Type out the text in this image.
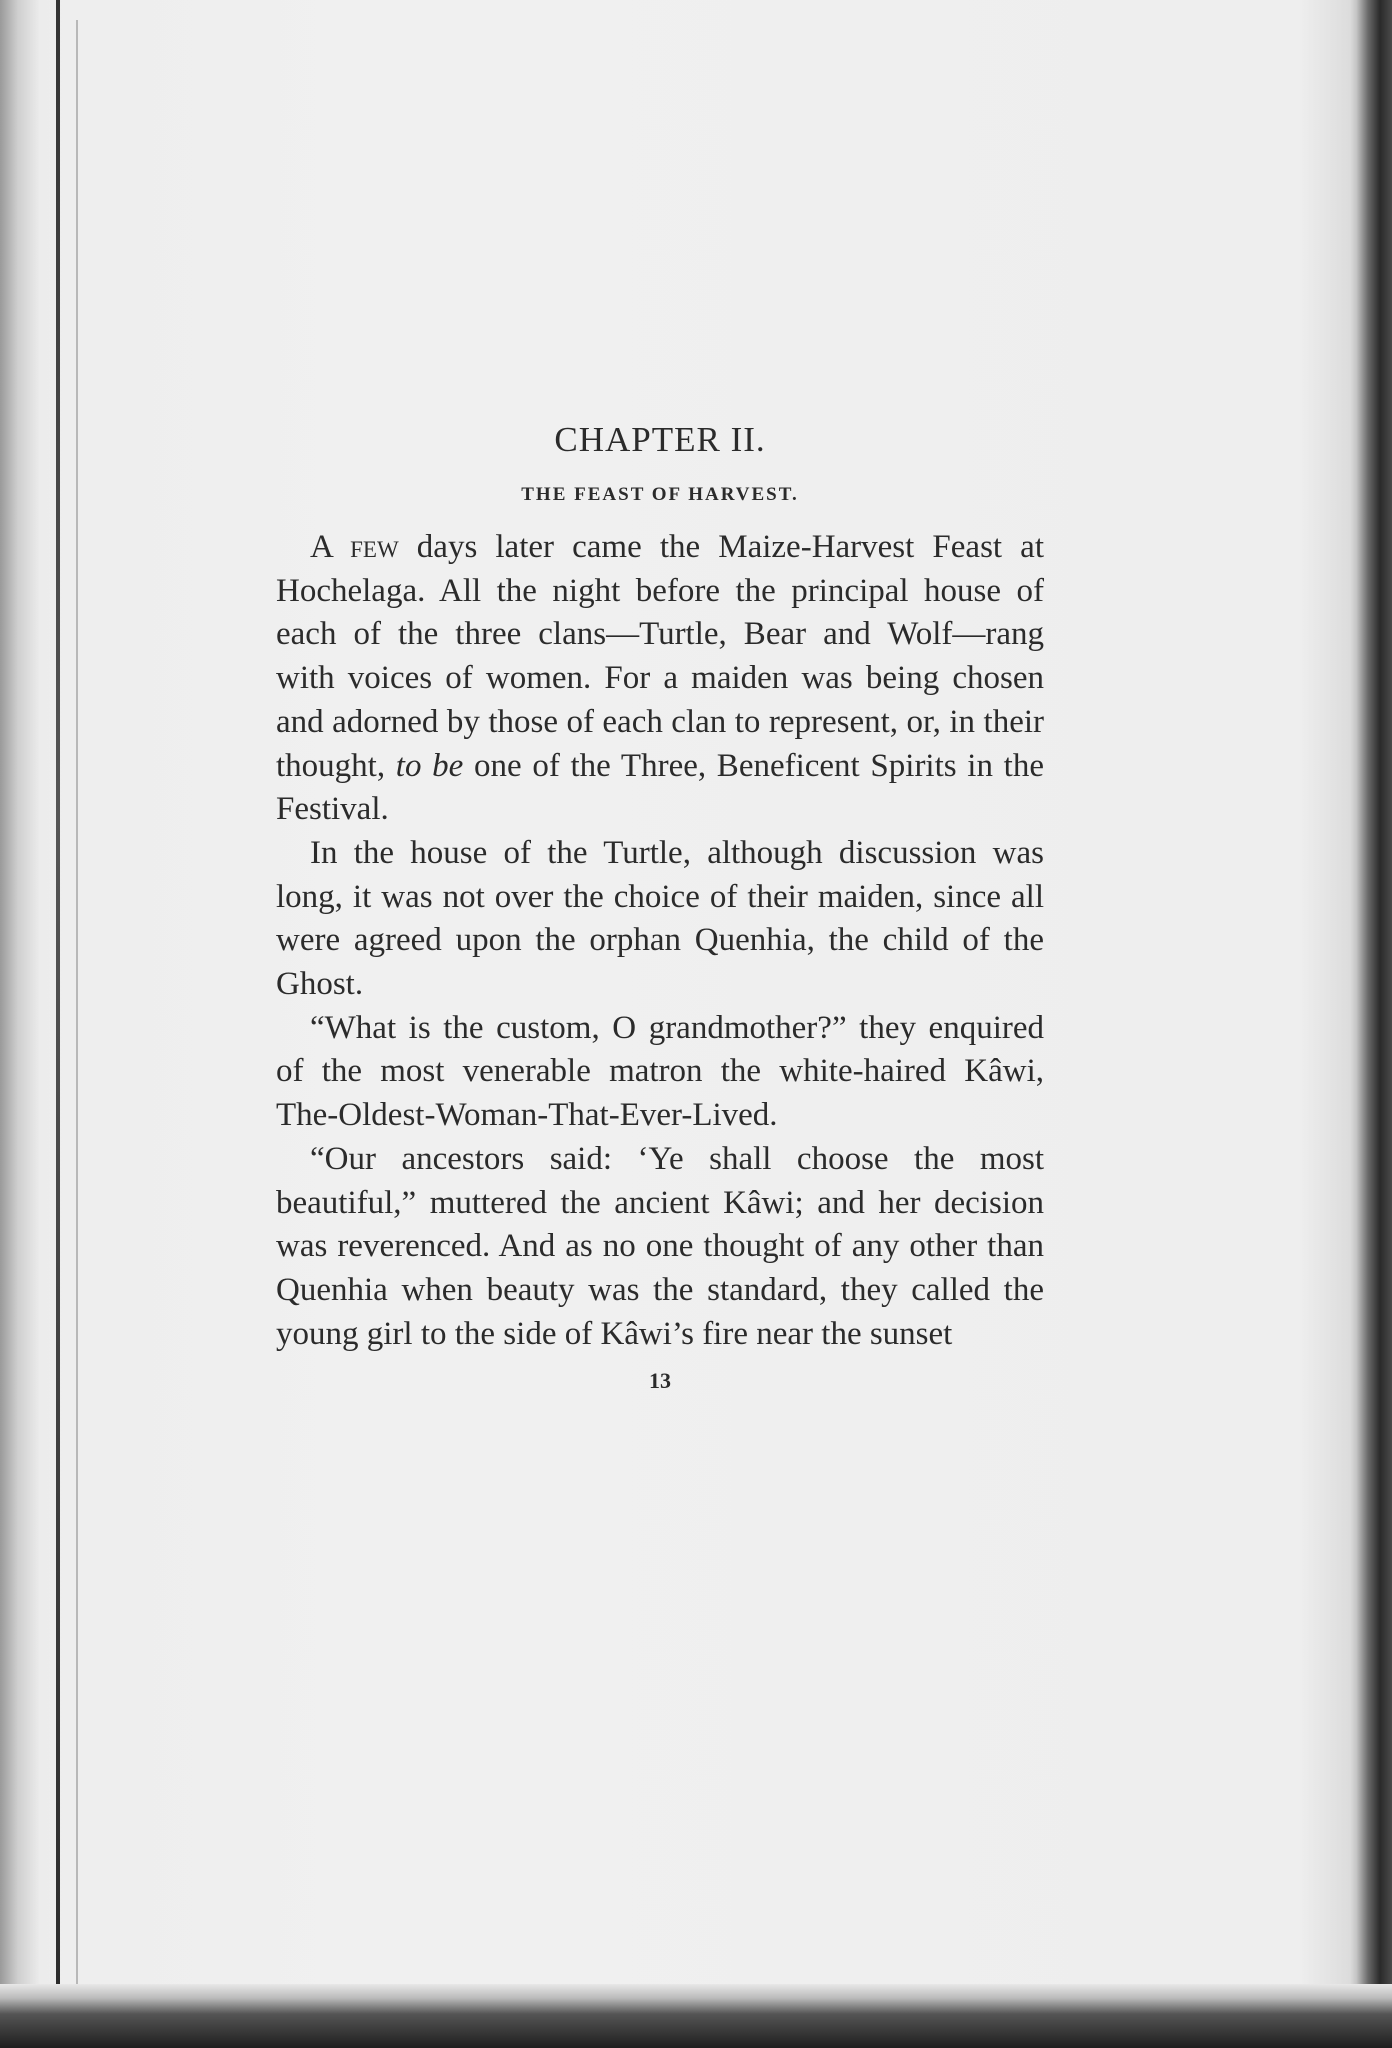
CHAPTER II.
THE FEAST OF HARVEST.

A few days later came the Maize-Harvest Feast at Hochelaga. All the night before the principal house of each of the three clans—Turtle, Bear and Wolf—rang with voices of women. For a maiden was being chosen and adorned by those of each clan to represent, or, in their thought, to be one of the Three, Beneficent Spirits in the Festival.

In the house of the Turtle, although discussion was long, it was not over the choice of their maiden, since all were agreed upon the orphan Quenhia, the child of the Ghost.

“What is the custom, O grandmother?” they enquired of the most venerable matron the white-haired Kâwi, The-Oldest-Woman-That-Ever-Lived.

“Our ancestors said: ‘Ye shall choose the most beautiful,” muttered the ancient Kâwi; and her decision was reverenced. And as no one thought of any other than Quenhia when beauty was the standard, they called the young girl to the side of Kâwi’s fire near the sunset

13
